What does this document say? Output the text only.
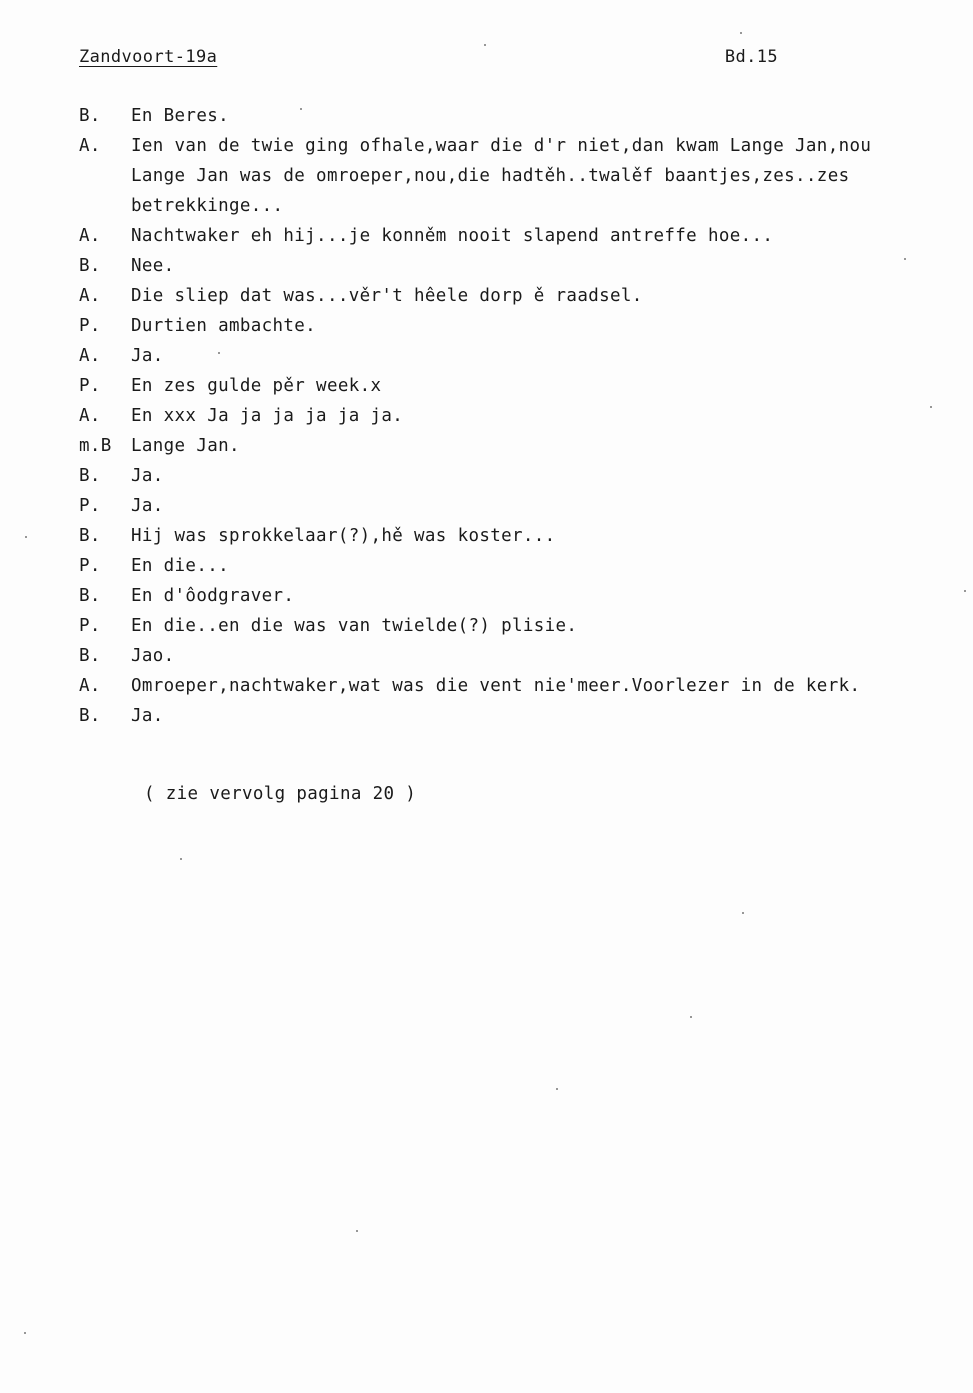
Zandvoort-19a	Bd.15
B.	En Beres.
A.	Ien van de twie ging ofhale,waar die d'r niet,dan kwam Lange Jan,nou
Lange Jan was de omroeper,nou,die hadtěh..twalěf baantjes,zes..zes
betrekkinge...
A.	Nachtwaker eh hij...je konněm nooit slapend antreffe hoe...
B.	Nee.
A.	Die sliep dat was...věr't hêele dorp ě raadsel.
P.	Durtien ambachte.
A.	Ja.
P.	En zes gulde pěr week.x
A.	En xxx Ja ja ja ja ja ja.
m.B	Lange Jan.
B.	Ja.
P.	Ja.
B.	Hij was sprokkelaar(?),hě was koster...
P.	En die...
B.	En d'ôodgraver.
P.	En die..en die was van twielde(?) plisie.
B.	Jao.
A.	Omroeper,nachtwaker,wat was die vent nie'meer.Voorlezer in de kerk.
B.	Ja.
( zie vervolg pagina 20 )
